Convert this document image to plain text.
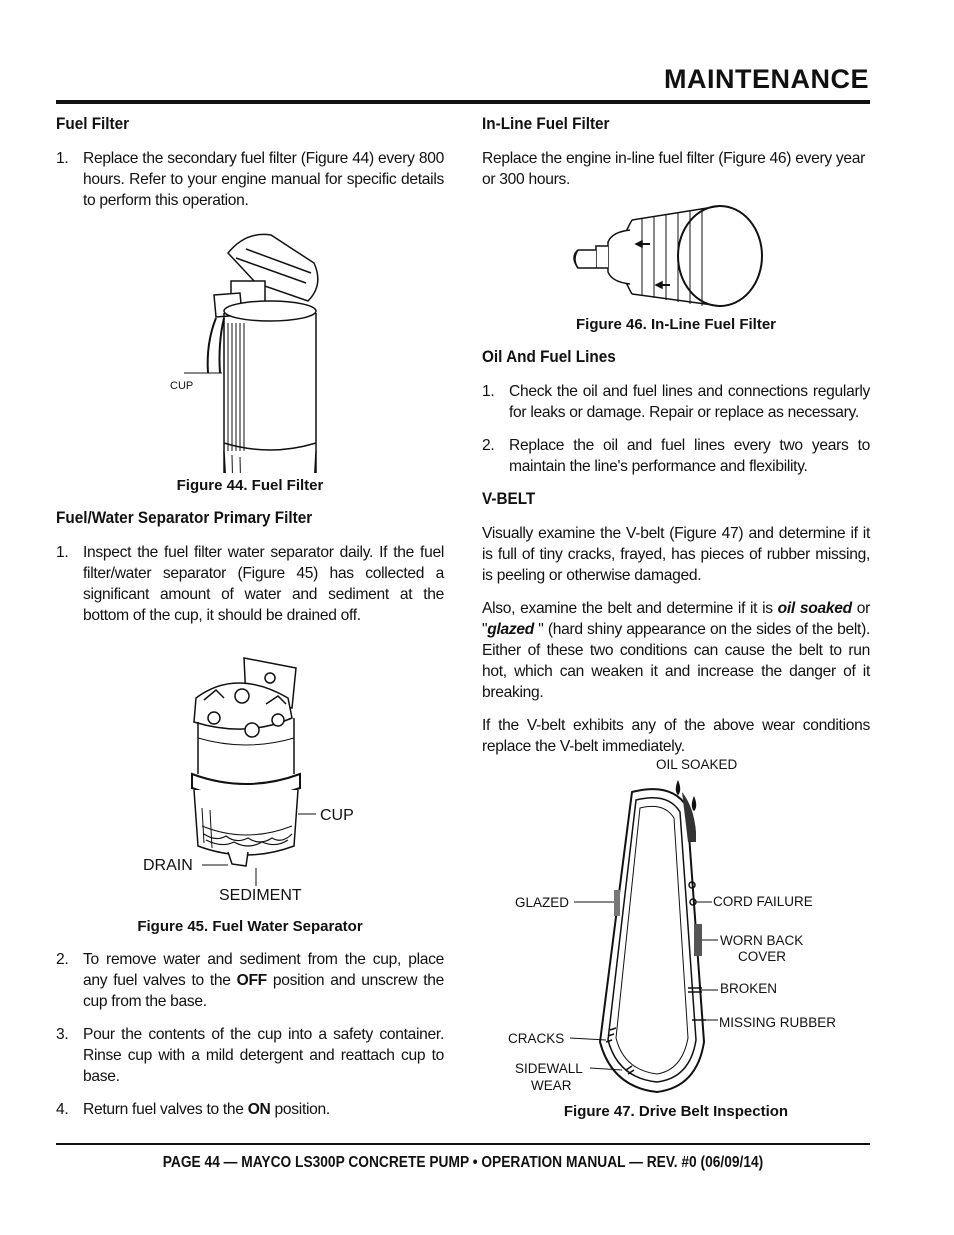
MAINTENANCE
Fuel Filter
1. Replace the secondary fuel filter (Figure 44) every 800 hours. Refer to your engine manual for specific details to perform this operation.
CUP
Figure 44. Fuel Filter
Fuel/Water Separator Primary Filter
1. Inspect the fuel filter water separator daily. If the fuel filter/water separator (Figure 45) has collected a significant amount of water and sediment at the bottom of the cup, it should be drained off.
CUP
DRAIN
SEDIMENT
Figure 45. Fuel Water Separator
2. To remove water and sediment from the cup, place any fuel valves to the OFF position and unscrew the cup from the base.
3. Pour the contents of the cup into a safety container. Rinse cup with a mild detergent and reattach cup to base.
4. Return fuel valves to the ON position.
In-Line Fuel Filter
Replace the engine in-line fuel filter (Figure 46) every year or 300 hours.
Figure 46. In-Line Fuel Filter
Oil And Fuel Lines
1. Check the oil and fuel lines and connections regularly for leaks or damage. Repair or replace as necessary.
2. Replace the oil and fuel lines every two years to maintain the line's performance and flexibility.
V-BELT
Visually examine the V-belt (Figure 47) and determine if it is full of tiny cracks, frayed, has pieces of rubber missing, is peeling or otherwise damaged.
Also, examine the belt and determine if it is oil soaked or "glazed " (hard shiny appearance on the sides of the belt). Either of these two conditions can cause the belt to run hot, which can weaken it and increase the danger of it breaking.
If the V-belt exhibits any of the above wear conditions replace the V-belt immediately.
OIL SOAKED
GLAZED	CORD FAILURE
WORN BACK
COVER
BROKEN
MISSING RUBBER
CRACKS
SIDEWALL
WEAR
Figure 47. Drive Belt Inspection
PAGE 44 — MAYCO LS300P CONCRETE PUMP • OPERATION MANUAL — REV. #0 (06/09/14)
